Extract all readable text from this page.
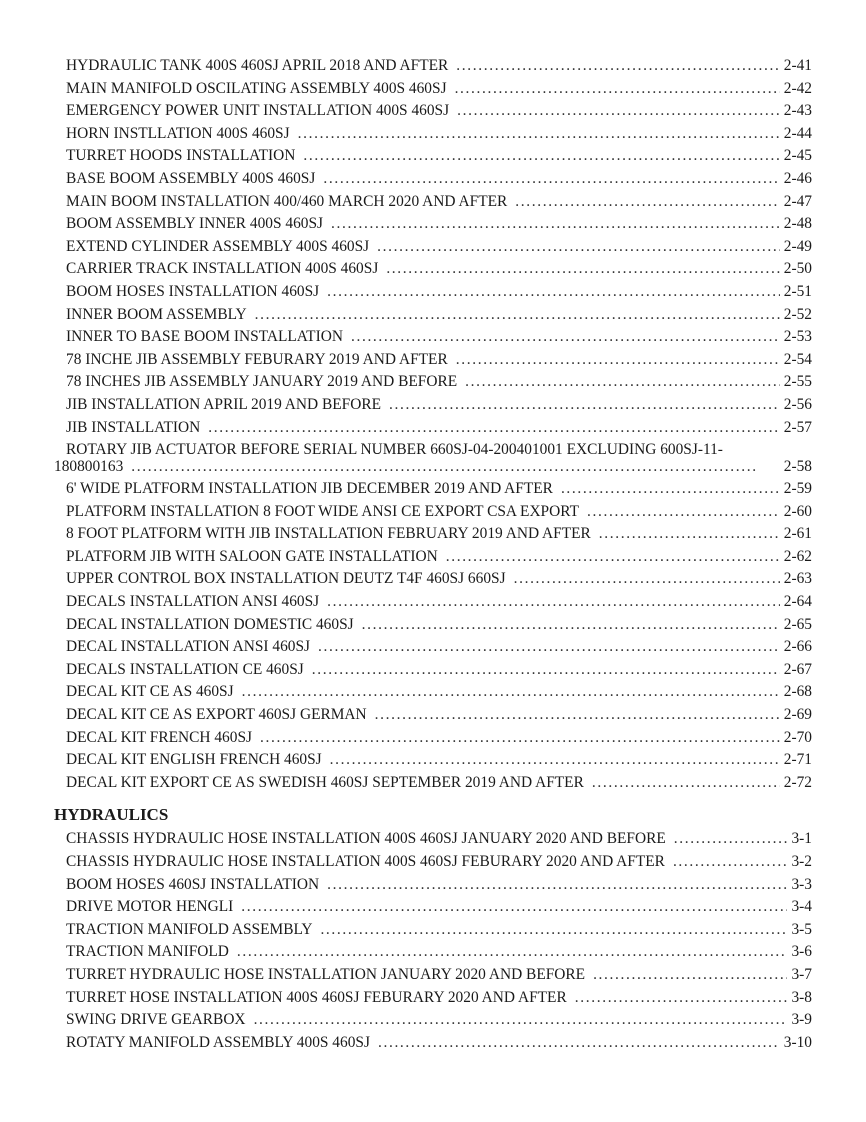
HYDRAULIC TANK 400S 460SJ APRIL 2018 AND AFTER . . .	2-41
MAIN MANIFOLD OSCILATING ASSEMBLY 400S 460SJ . . .	2-42
EMERGENCY POWER UNIT INSTALLATION 400S 460SJ . . .	2-43
HORN INSTLLATION 400S 460SJ . . .	2-44
TURRET HOODS INSTALLATION . . .	2-45
BASE BOOM ASSEMBLY 400S 460SJ . . .	2-46
MAIN BOOM INSTALLATION 400/460 MARCH 2020 AND AFTER . . .	2-47
BOOM ASSEMBLY INNER 400S 460SJ . . .	2-48
EXTEND CYLINDER ASSEMBLY 400S 460SJ . . .	2-49
CARRIER TRACK INSTALLATION 400S 460SJ . . .	2-50
BOOM HOSES INSTALLATION 460SJ . . .	2-51
INNER BOOM ASSEMBLY . . .	2-52
INNER TO BASE BOOM INSTALLATION . . .	2-53
78 INCHE JIB ASSEMBLY FEBURARY 2019 AND AFTER . . .	2-54
78 INCHES JIB ASSEMBLY JANUARY 2019 AND BEFORE . . .	2-55
JIB INSTALLATION APRIL 2019 AND BEFORE . . .	2-56
JIB INSTALLATION . . .	2-57
ROTARY JIB ACTUATOR BEFORE SERIAL NUMBER 660SJ-04-200401001 EXCLUDING 600SJ-11-
180800163 . . .	2-58
6' WIDE PLATFORM INSTALLATION JIB DECEMBER 2019 AND AFTER . . .	2-59
PLATFORM INSTALLATION 8 FOOT WIDE ANSI CE EXPORT CSA EXPORT . . .	2-60
8 FOOT PLATFORM WITH JIB INSTALLATION FEBRUARY 2019 AND AFTER . . .	2-61
PLATFORM JIB WITH SALOON GATE INSTALLATION . . .	2-62
UPPER CONTROL BOX INSTALLATION DEUTZ T4F 460SJ 660SJ . . .	2-63
DECALS INSTALLATION ANSI 460SJ . . .	2-64
DECAL INSTALLATION DOMESTIC 460SJ . . .	2-65
DECAL INSTALLATION ANSI 460SJ . . .	2-66
DECALS INSTALLATION CE 460SJ . . .	2-67
DECAL KIT CE AS 460SJ . . .	2-68
DECAL KIT CE AS EXPORT 460SJ GERMAN . . .	2-69
DECAL KIT FRENCH 460SJ . . .	2-70
DECAL KIT ENGLISH FRENCH 460SJ . . .	2-71
DECAL KIT EXPORT CE AS SWEDISH 460SJ SEPTEMBER 2019 AND AFTER . . .	2-72
HYDRAULICS
CHASSIS HYDRAULIC HOSE INSTALLATION 400S 460SJ JANUARY 2020 AND BEFORE . . .	3-1
CHASSIS HYDRAULIC HOSE INSTALLATION 400S 460SJ FEBURARY 2020 AND AFTER . . .	3-2
BOOM HOSES 460SJ INSTALLATION . . .	3-3
DRIVE MOTOR HENGLI . . .	3-4
TRACTION MANIFOLD ASSEMBLY . . .	3-5
TRACTION MANIFOLD . . .	3-6
TURRET HYDRAULIC HOSE INSTALLATION JANUARY 2020 AND BEFORE . . .	3-7
TURRET HOSE INSTALLATION 400S 460SJ FEBURARY 2020 AND AFTER . . .	3-8
SWING DRIVE GEARBOX . . .	3-9
ROTATY MANIFOLD ASSEMBLY 400S 460SJ . . .	3-10
